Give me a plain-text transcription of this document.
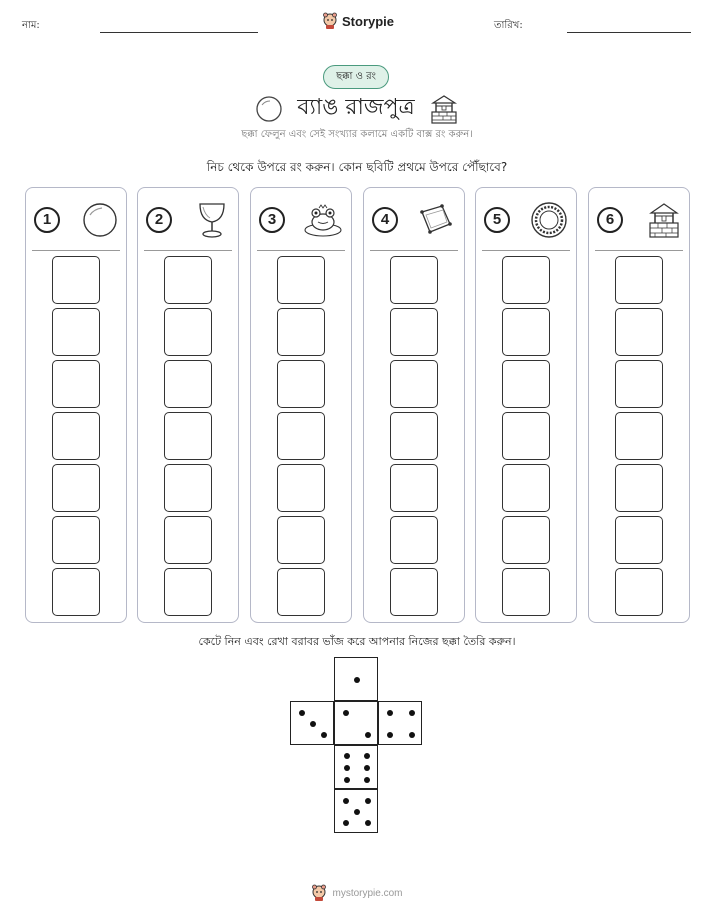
নাম:	Storypie	তারিখ:
ছক্কা ও রং
ব্যাঙ রাজপুত্র
ছক্কা ফেলুন এবং সেই সংখ্যার কলামে একটি বাক্স রং করুন।
নিচ থেকে উপরে রং করুন। কোন ছবিটি প্রথমে উপরে পৌঁছাবে?
1	2	3	4	5	6
কেটে নিন এবং রেখা বরাবর ভাঁজ করে আপনার নিজের ছক্কা তৈরি করুন।
mystorypie.com
